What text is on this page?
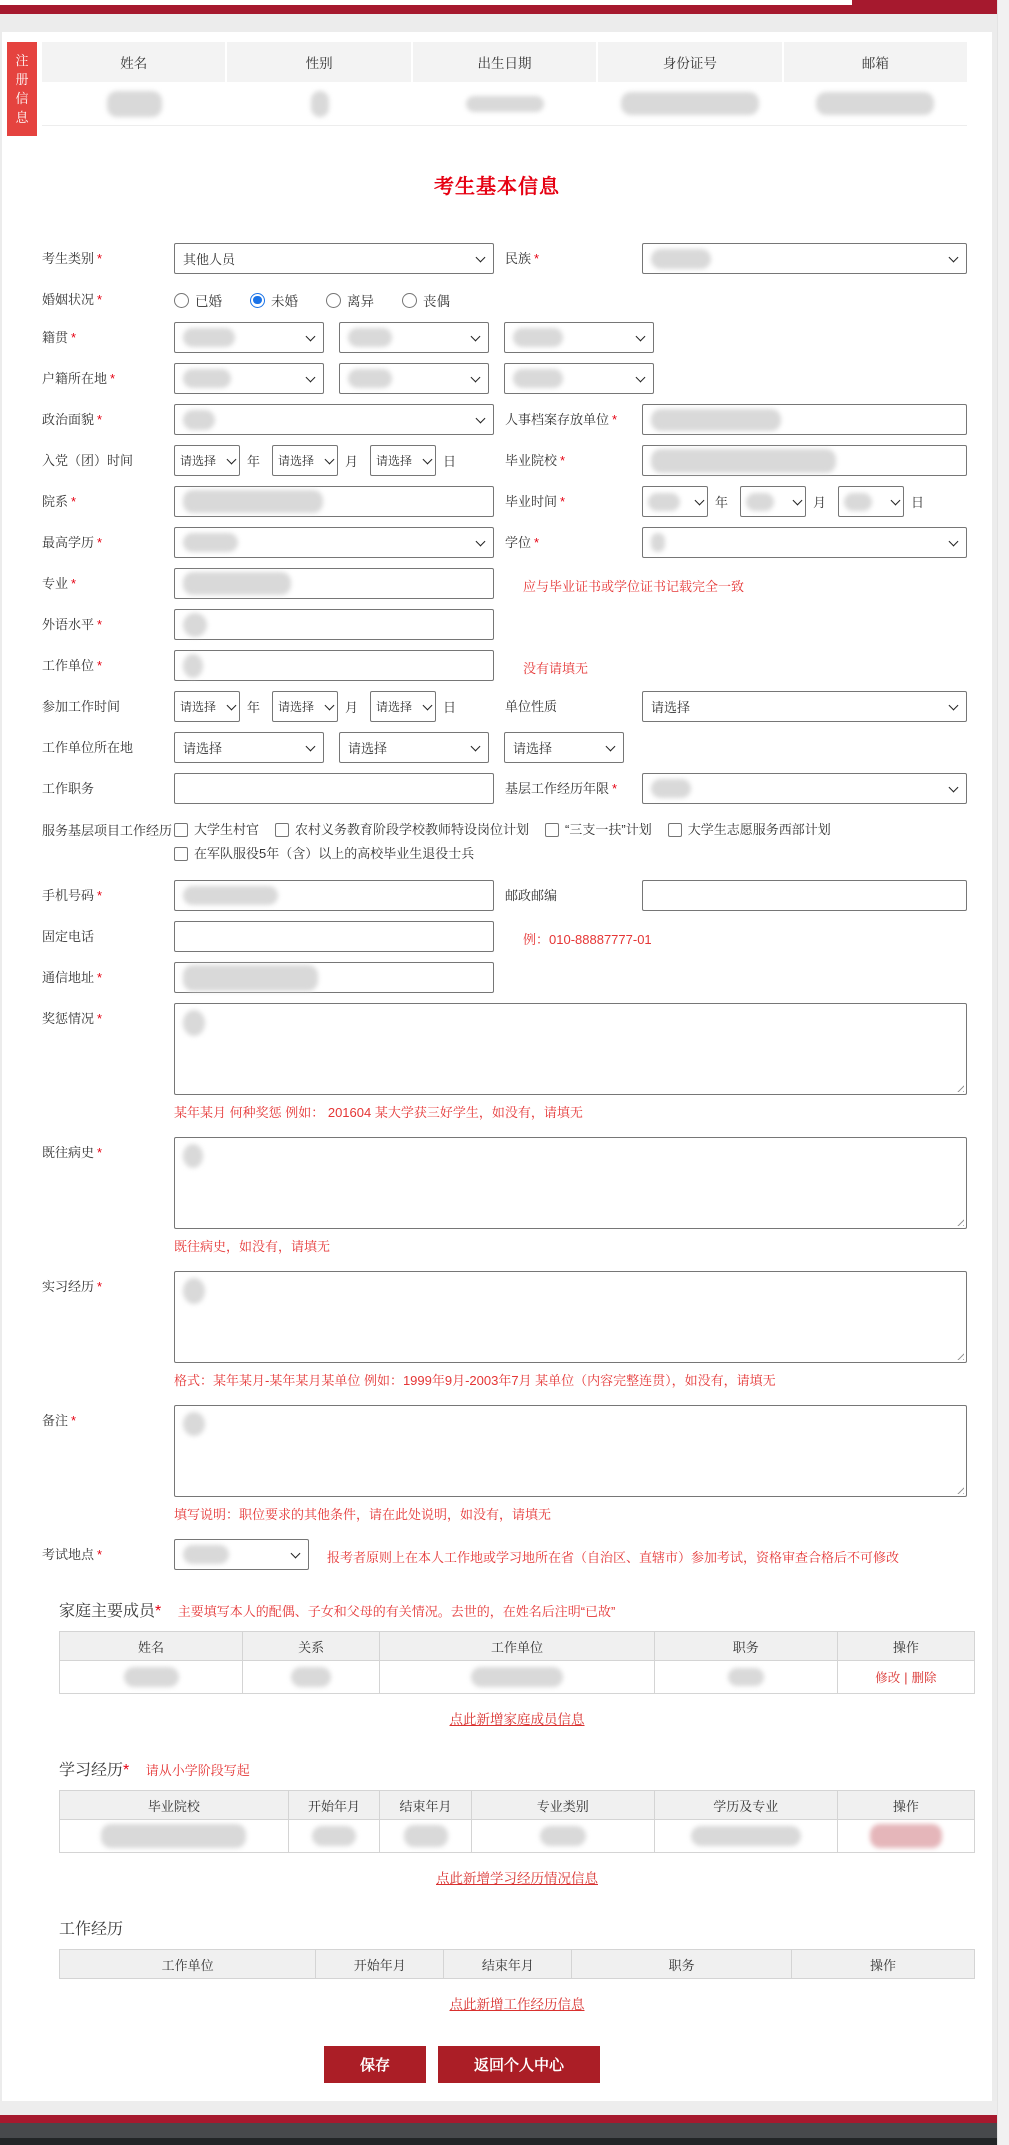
注
册
信
息
姓名	性别	出生日期	身份证号	邮箱
考生基本信息
考生类别 *	其他人员	民族 *
婚姻状况 *	已婚	未婚	离异	丧偶
籍贯 *
户籍所在地 *
政治面貌 *	人事档案存放单位 *
入党（团）时间	请选择 年 请选择 月 请选择 日	毕业院校 *
院系 *	毕业时间 *	年	月	日
最高学历 *	学位 *
专业 *	应与毕业证书或学位证书记载完全一致
外语水平 *
工作单位 *	没有请填无
参加工作时间	请选择 年 请选择 月 请选择 日	单位性质	请选择
工作单位所在地	请选择	请选择	请选择
工作职务	基层工作经历年限 *
服务基层项目工作经历 大学生村官	农村义务教育阶段学校教师特设岗位计划	“三支一扶”计划	大学生志愿服务西部计划
在军队服役5年（含）以上的高校毕业生退役士兵
手机号码 *	邮政邮编
固定电话	例：010-88887777-01
通信地址 *
奖惩情况 *
某年某月 何种奖惩 例如： 201604 某大学获三好学生，如没有，请填无
既往病史 *
既往病史，如没有，请填无
实习经历 *
格式：某年某月-某年某月某单位 例如：1999年9月-2003年7月 某单位（内容完整连贯），如没有，请填无
备注 *
填写说明：职位要求的其他条件，请在此处说明，如没有，请填无
考试地点 *	报考者原则上在本人工作地或学习地所在省（自治区、直辖市）参加考试，资格审查合格后不可修改
家庭主要成员* 主要填写本人的配偶、子女和父母的有关情况。去世的，在姓名后注明“已故”
姓名	关系	工作单位	职务	操作
				修改 | 删除
点此新增家庭成员信息
学习经历* 请从小学阶段写起
毕业院校	开始年月	结束年月	专业类别	学历及专业	操作

点此新增学习经历情况信息
工作经历
工作单位	开始年月	结束年月	职务	操作
点此新增工作经历信息
保存	返回个人中心
